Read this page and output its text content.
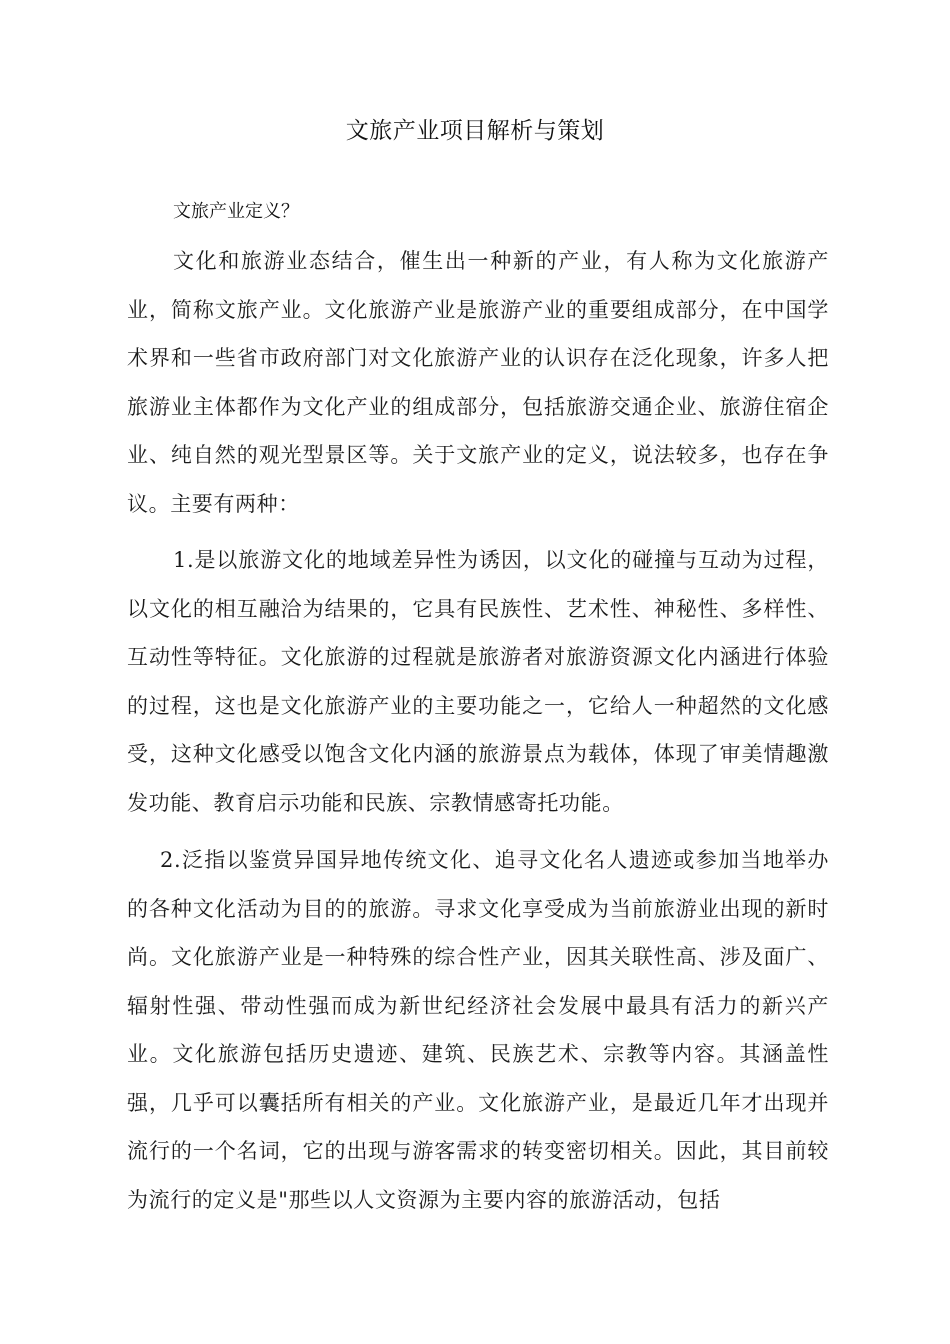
文旅产业项目解析与策划
文旅产业定义？

文化和旅游业态结合，催生出一种新的产业，有人称为文化旅游产业，简称文旅产业。文化旅游产业是旅游产业的重要组成部分，在中国学术界和一些省市政府部门对文化旅游产业的认识存在泛化现象，许多人把旅游业主体都作为文化产业的组成部分，包括旅游交通企业、旅游住宿企业、纯自然的观光型景区等。关于文旅产业的定义，说法较多，也存在争议。主要有两种：

1.是以旅游文化的地域差异性为诱因，以文化的碰撞与互动为过程，以文化的相互融洽为结果的，它具有民族性、艺术性、神秘性、多样性、互动性等特征。文化旅游的过程就是旅游者对旅游资源文化内涵进行体验的过程，这也是文化旅游产业的主要功能之一，它给人一种超然的文化感受，这种文化感受以饱含文化内涵的旅游景点为载体，体现了审美情趣激发功能、教育启示功能和民族、宗教情感寄托功能。

2.泛指以鉴赏异国异地传统文化、追寻文化名人遗迹或参加当地举办的各种文化活动为目的的旅游。寻求文化享受成为当前旅游业出现的新时尚。文化旅游产业是一种特殊的综合性产业，因其关联性高、涉及面广、辐射性强、带动性强而成为新世纪经济社会发展中最具有活力的新兴产业。文化旅游包括历史遗迹、建筑、民族艺术、宗教等内容。其涵盖性强，几乎可以囊括所有相关的产业。文化旅游产业，是最近几年才出现并流行的一个名词，它的出现与游客需求的转变密切相关。因此，其目前较为流行的定义是"那些以人文资源为主要内容的旅游活动，包括
